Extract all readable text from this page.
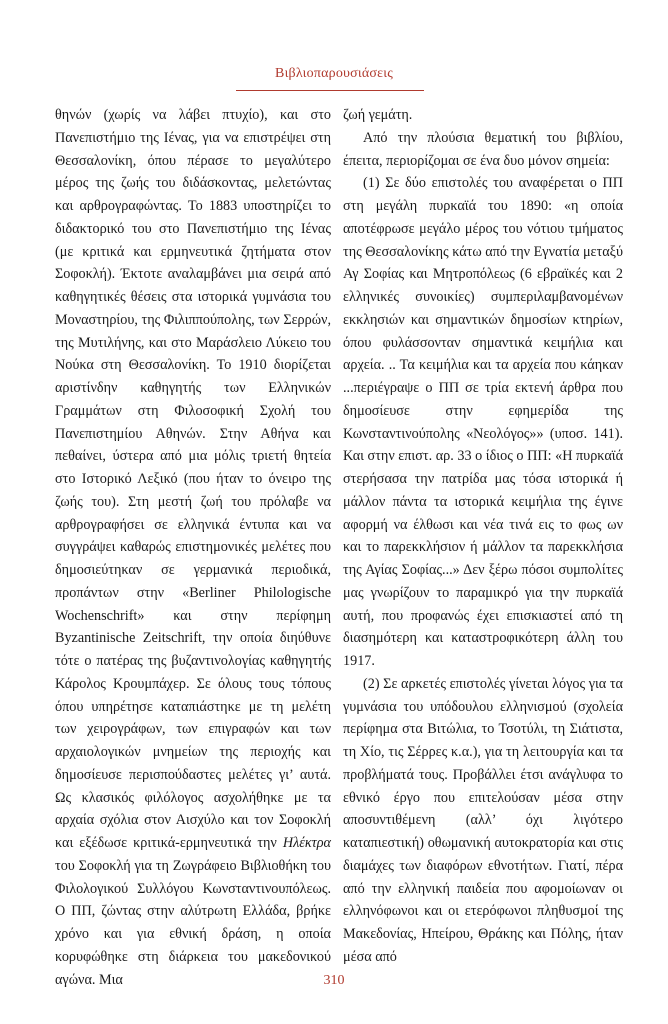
Βιβλιοπαρουσιάσεις

θηνών (χωρίς να λάβει πτυχίο), και στο Πανεπιστήμιο της Ιένας, για να επιστρέψει στη Θεσσαλονίκη, όπου πέρασε το μεγαλύτερο μέρος της ζωής του διδάσκοντας, μελετώντας και αρθρογραφώντας. Το 1883 υποστηρίζει το διδακτορικό του στο Πανεπιστήμιο της Ιένας (με κριτικά και ερμηνευτικά ζητήματα στον Σοφοκλή). Έκτοτε αναλαμβάνει μια σειρά από καθηγητικές θέσεις στα ιστορικά γυμνάσια του Μοναστηρίου, της Φιλιππούπολης, των Σερρών, της Μυτιλήνης, και στο Μαράσλειο Λύκειο του Νούκα στη Θεσσαλονίκη. Το 1910 διορίζεται αριστίνδην καθηγητής των Ελληνικών Γραμμάτων στη Φιλοσοφική Σχολή του Πανεπιστημίου Αθηνών. Στην Αθήνα και πεθαίνει, ύστερα από μια μόλις τριετή θητεία στο Ιστορικό Λεξικό (που ήταν το όνειρο της ζωής του). Στη μεστή ζωή του πρόλαβε να αρθρογραφήσει σε ελληνικά έντυπα και να συγγράψει καθαρώς επιστημονικές μελέτες που δημοσιεύτηκαν σε γερμανικά περιοδικά, προπάντων στην «Berliner Philologische Wochenschrift» και στην περίφημη Byzantinische Zeitschrift, την οποία διηύθυνε τότε ο πατέρας της βυζαντινολογίας καθηγητής Κάρολος Κρουμπάχερ. Σε όλους τους τόπους όπου υπηρέτησε καταπιάστηκε με τη μελέτη των χειρογράφων, των επιγραφών και των αρχαιολογικών μνημείων της περιοχής και δημοσίευσε περισπούδαστες μελέτες γι’ αυτά. Ως κλασικός φιλόλογος ασχολήθηκε με τα αρχαία σχόλια στον Αισχύλο και τον Σοφοκλή και εξέδωσε κριτικά-ερμηνευτικά την Ηλέκτρα του Σοφοκλή για τη Ζωγράφειο Βιβλιοθήκη του Φιλολογικού Συλλόγου Κωνσταντινουπόλεως. Ο ΠΠ, ζώντας στην αλύτρωτη Ελλάδα, βρήκε χρόνο και για εθνική δράση, η οποία κορυφώθηκε στη διάρκεια του μακεδονικού αγώνα. Μια

ζωή γεμάτη.

Από την πλούσια θεματική του βιβλίου, έπειτα, περιορίζομαι σε ένα δυο μόνον σημεία:

(1) Σε δύο επιστολές του αναφέρεται ο ΠΠ στη μεγάλη πυρκαϊά του 1890: «η οποία αποτέφρωσε μεγάλο μέρος του νότιου τμήματος της Θεσσαλονίκης κάτω από την Εγνατία μεταξύ Αγ Σοφίας και Μητροπόλεως (6 εβραϊκές και 2 ελληνικές συνοικίες) συμπεριλαμβανομένων εκκλησιών και σημαντικών δημοσίων κτηρίων, όπου φυλάσσονταν σημαντικά κειμήλια και αρχεία. .. Τα κειμήλια και τα αρχεία που κάηκαν ...περιέγραψε ο ΠΠ σε τρία εκτενή άρθρα που δημοσίευσε στην εφημερίδα της Κωνσταντινούπολης «Νεολόγος»» (υποσ. 141). Και στην επιστ. αρ. 33 ο ίδιος ο ΠΠ: «Η πυρκαϊά στερήσασα την πατρίδα μας τόσα ιστορικά ή μάλλον πάντα τα ιστορικά κειμήλια της έγινε αφορμή να έλθωσι και νέα τινά εις το φως ων και το παρεκκλήσιον ή μάλλον τα παρεκκλήσια της Αγίας Σοφίας...» Δεν ξέρω πόσοι συμπολίτες μας γνωρίζουν το παραμικρό για την πυρκαϊά αυτή, που προφανώς έχει επισκιαστεί από τη διασημότερη και καταστροφικότερη άλλη του 1917.

(2) Σε αρκετές επιστολές γίνεται λόγος για τα γυμνάσια του υπόδουλου ελληνισμού (σχολεία περίφημα στα Βιτώλια, το Τσοτύλι, τη Σιάτιστα, τη Χίο, τις Σέρρες κ.α.), για τη λειτουργία και τα προβλήματά τους. Προβάλλει έτσι ανάγλυφα το εθνικό έργο που επιτελούσαν μέσα στην αποσυντιθέμενη (αλλ’ όχι λιγότερο καταπιεστική) οθωμανική αυτοκρατορία και στις διαμάχες των διαφόρων εθνοτήτων. Γιατί, πέρα από την ελληνική παιδεία που αφομοίωναν οι ελληνόφωνοι και οι ετερόφωνοι πληθυσμοί της Μακεδονίας, Ηπείρου, Θράκης και Πόλης, ήταν μέσα από

310
